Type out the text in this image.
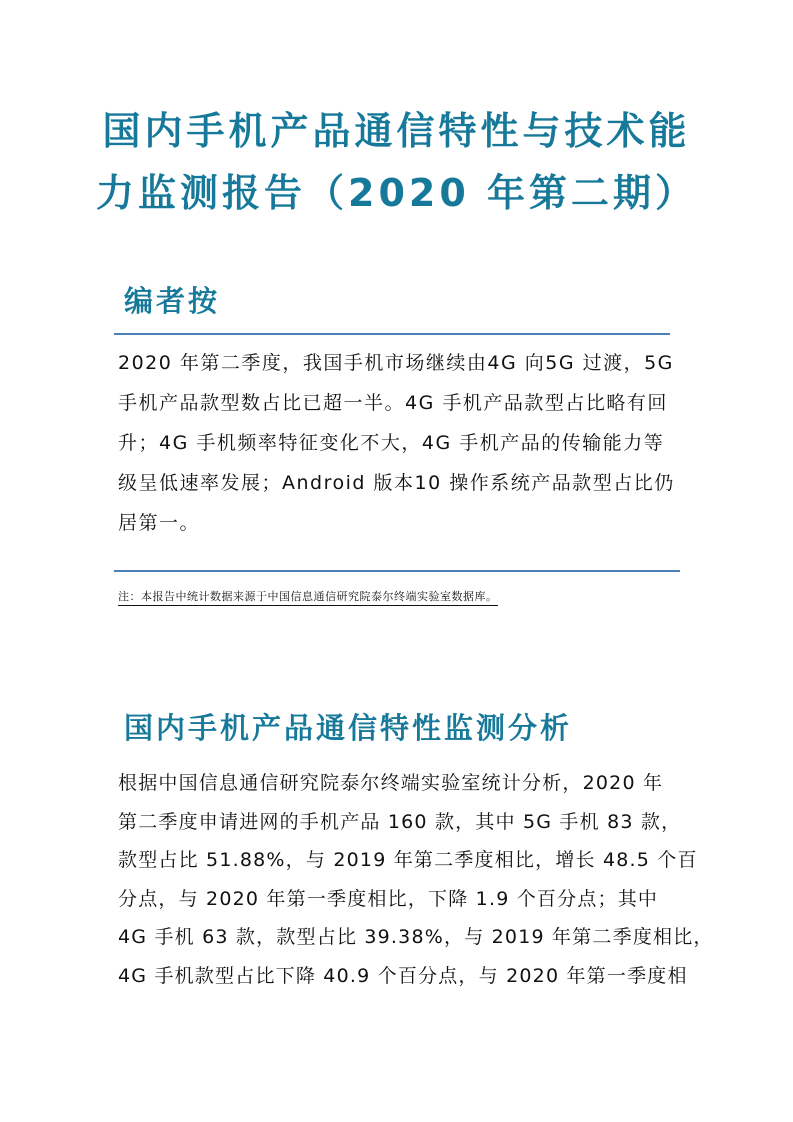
国内手机产品通信特性与技术能
力监测报告（2020 年第二期）
编者按
2020 年第二季度，我国手机市场继续由4G 向5G 过渡，5G
手机产品款型数占比已超一半。4G 手机产品款型占比略有回
升；4G 手机频率特征变化不大，4G 手机产品的传输能力等
级呈低速率发展；Android 版本10 操作系统产品款型占比仍
居第一。

注：本报告中统计数据来源于中国信息通信研究院泰尔终端实验室数据库。

国内手机产品通信特性监测分析
根据中国信息通信研究院泰尔终端实验室统计分析，2020 年
第二季度申请进网的手机产品 160 款，其中 5G 手机 83 款，
款型占比 51.88%，与 2019 年第二季度相比，增长 48.5 个百
分点，与 2020 年第一季度相比，下降 1.9 个百分点；其中
4G 手机 63 款，款型占比 39.38%，与 2019 年第二季度相比，
4G 手机款型占比下降 40.9 个百分点，与 2020 年第一季度相
